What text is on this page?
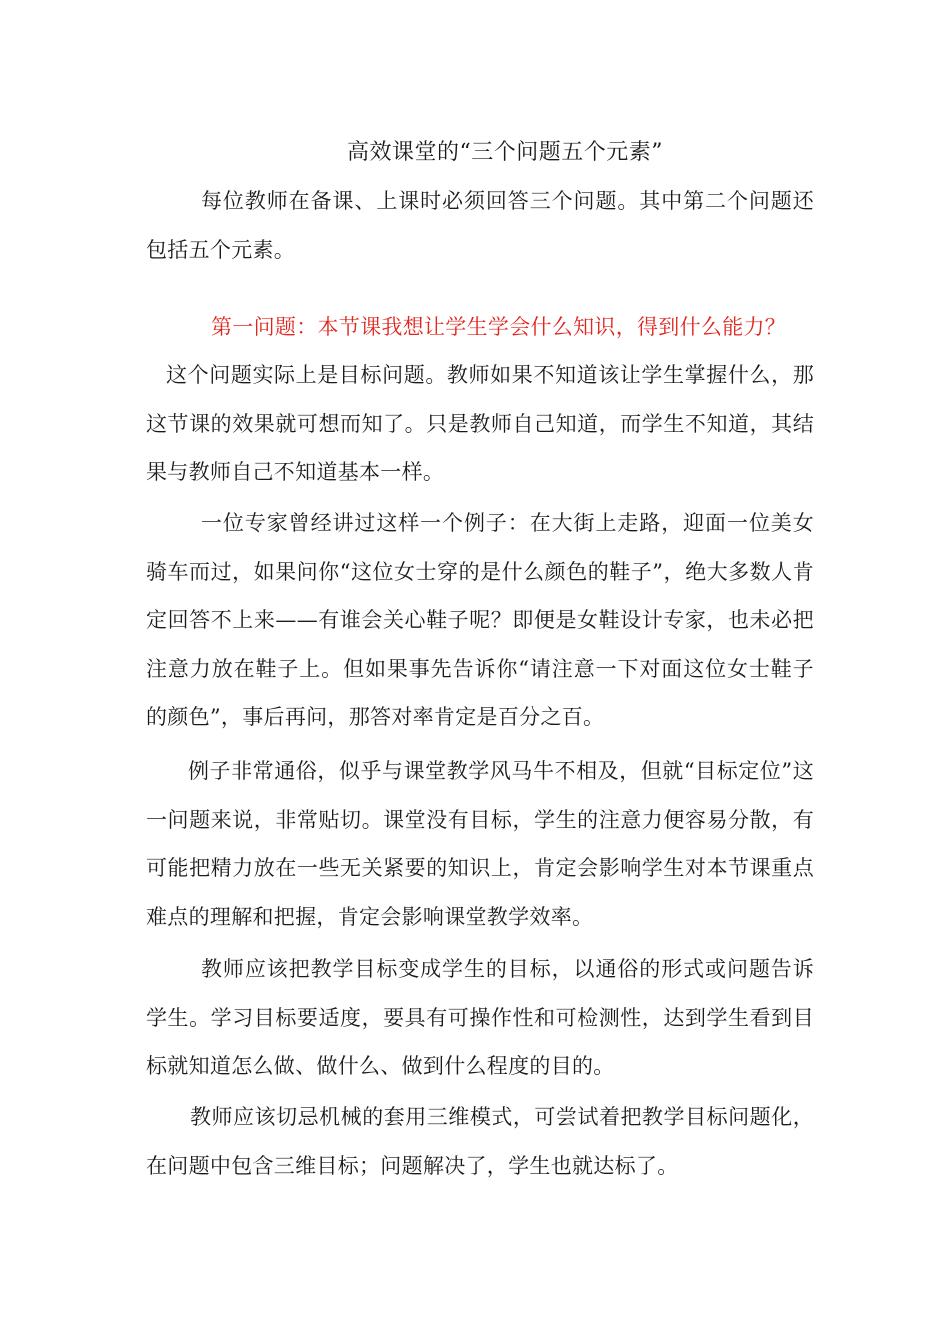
高效课堂的“三个问题五个元素”

每位教师在备课、上课时必须回答三个问题。其中第二个问题还包括五个元素。

第一问题：本节课我想让学生学会什么知识，得到什么能力？

这个问题实际上是目标问题。教师如果不知道该让学生掌握什么，那这节课的效果就可想而知了。只是教师自己知道，而学生不知道，其结果与教师自己不知道基本一样。

一位专家曾经讲过这样一个例子：在大街上走路，迎面一位美女骑车而过，如果问你“这位女士穿的是什么颜色的鞋子”，绝大多数人肯定回答不上来——有谁会关心鞋子呢？即便是女鞋设计专家，也未必把注意力放在鞋子上。但如果事先告诉你“请注意一下对面这位女士鞋子的颜色”，事后再问，那答对率肯定是百分之百。

例子非常通俗，似乎与课堂教学风马牛不相及，但就“目标定位”这一问题来说，非常贴切。课堂没有目标，学生的注意力便容易分散，有可能把精力放在一些无关紧要的知识上，肯定会影响学生对本节课重点难点的理解和把握，肯定会影响课堂教学效率。

教师应该把教学目标变成学生的目标，以通俗的形式或问题告诉学生。学习目标要适度，要具有可操作性和可检测性，达到学生看到目标就知道怎么做、做什么、做到什么程度的目的。

教师应该切忌机械的套用三维模式，可尝试着把教学目标问题化，在问题中包含三维目标；问题解决了，学生也就达标了。
